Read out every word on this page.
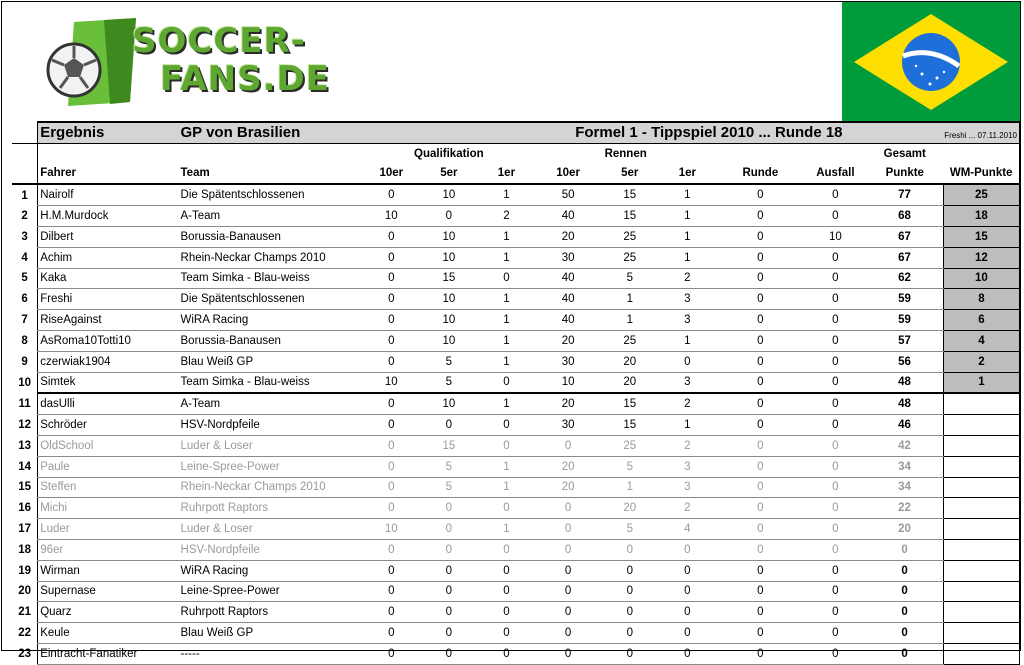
SOCCER-
FANS.DE
	Ergebnis	GP von Brasilien				Formel 1 - Tippspiel 2010 ... Runde 18					Freshi ... 07.11.2010	

			Qualifikation			Rennen					Gesamt	
	Fahrer	Team	10er	5er	1er	10er	5er	1er	Runde	Ausfall	Punkte	WM-Punkte
1	Nairolf	Die Spätentschlossenen	0	10	1	50	15	1	0	0	77	25
2	H.M.Murdock	A-Team	10	0	2	40	15	1	0	0	68	18
3	Dilbert	Borussia-Banausen	0	10	1	20	25	1	0	10	67	15
4	Achim	Rhein-Neckar Champs 2010	0	10	1	30	25	1	0	0	67	12
5	Kaka	Team Simka - Blau-weiss	0	15	0	40	5	2	0	0	62	10
6	Freshi	Die Spätentschlossenen	0	10	1	40	1	3	0	0	59	8
7	RiseAgainst	WiRA Racing	0	10	1	40	1	3	0	0	59	6
8	AsRoma10Totti10	Borussia-Banausen	0	10	1	20	25	1	0	0	57	4
9	czerwiak1904	Blau Weiß GP	0	5	1	30	20	0	0	0	56	2
10	Simtek	Team Simka - Blau-weiss	10	5	0	10	20	3	0	0	48	1
11	dasUlli	A-Team	0	10	1	20	15	2	0	0	48	
12	Schröder	HSV-Nordpfeile	0	0	0	30	15	1	0	0	46	
13	OldSchool	Luder & Loser	0	15	0	0	25	2	0	0	42	
14	Paule	Leine-Spree-Power	0	5	1	20	5	3	0	0	34	
15	Steffen	Rhein-Neckar Champs 2010	0	5	1	20	1	3	0	0	34	
16	Michi	Ruhrpott Raptors	0	0	0	0	20	2	0	0	22	
17	Luder	Luder & Loser	10	0	1	0	5	4	0	0	20	
18	96er	HSV-Nordpfeile	0	0	0	0	0	0	0	0	0	
19	Wirman	WiRA Racing	0	0	0	0	0	0	0	0	0	
20	Supernase	Leine-Spree-Power	0	0	0	0	0	0	0	0	0	
21	Quarz	Ruhrpott Raptors	0	0	0	0	0	0	0	0	0	
22	Keule	Blau Weiß GP	0	0	0	0	0	0	0	0	0	
23	Eintracht-Fanatiker	-----	0	0	0	0	0	0	0	0	0	
